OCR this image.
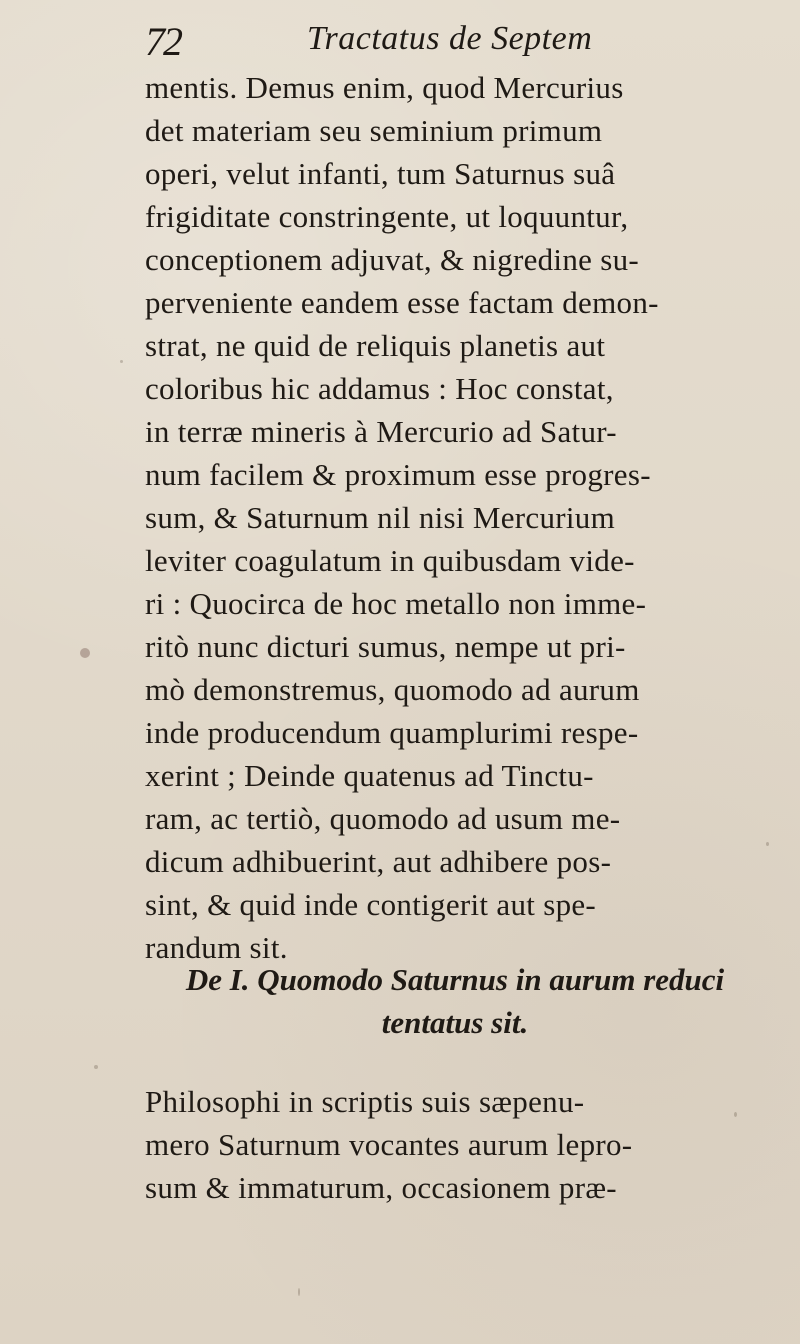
72	Tractatus de Septem
mentis. Demus enim, quod Mercurius
det materiam seu seminium primum
operi, velut infanti, tum Saturnus suâ
frigiditate constringente, ut loquuntur,
conceptionem adjuvat, & nigredine su-
perveniente eandem esse factam demon-
strat, ne quid de reliquis planetis aut
coloribus hic addamus : Hoc constat,
in terræ mineris à Mercurio ad Satur-
num facilem & proximum esse progres-
sum, & Saturnum nil nisi Mercurium
leviter coagulatum in quibusdam vide-
ri : Quocirca de hoc metallo non imme-
ritò nunc dicturi sumus, nempe ut pri-
mò demonstremus, quomodo ad aurum
inde producendum quamplurimi respe-
xerint ; Deinde quatenus ad Tinctu-
ram, ac tertiò, quomodo ad usum me-
dicum adhibuerint, aut adhibere pos-
sint, & quid inde contigerit aut spe-
randum sit.
De I. Quomodo Saturnus in aurum reduci
tentatus sit.
Philosophi in scriptis suis sæpenu-
mero Saturnum vocantes aurum lepro-
sum & immaturum, occasionem præ-
